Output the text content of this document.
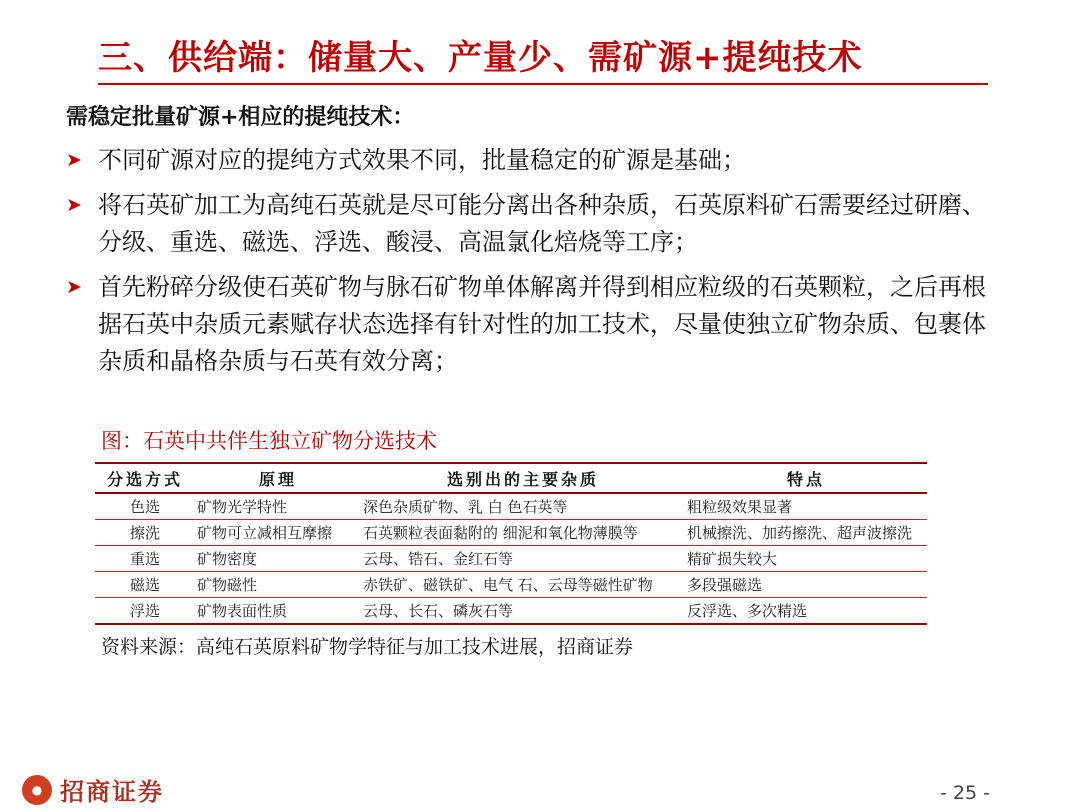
三、供给端：储量大、产量少、需矿源+提纯技术
需稳定批量矿源+相应的提纯技术：
➤ 不同矿源对应的提纯方式效果不同，批量稳定的矿源是基础；
➤ 将石英矿加工为高纯石英就是尽可能分离出各种杂质，石英原料矿石需要经过研磨、分级、重选、磁选、浮选、酸浸、高温氯化焙烧等工序；
➤ 首先粉碎分级使石英矿物与脉石矿物单体解离并得到相应粒级的石英颗粒，之后再根据石英中杂质元素赋存状态选择有针对性的加工技术，尽量使独立矿物杂质、包裹体杂质和晶格杂质与石英有效分离；
图：石英中共伴生独立矿物分选技术
分选方式	原理	选别出的主要杂质	特点
色选	矿物光学特性	深色杂质矿物、乳 白 色石英等	粗粒级效果显著
擦洗	矿物可立减相互摩擦	石英颗粒表面黏附的 细泥和氧化物薄膜等	机械擦洗、加药擦洗、超声波擦洗
重选	矿物密度	云母、锆石、金红石等	精矿损失较大
磁选	矿物磁性	赤铁矿、磁铁矿、电气 石、云母等磁性矿物	多段强磁选
浮选	矿物表面性质	云母、长石、磷灰石等	反浮选、多次精选
资料来源：高纯石英原料矿物学特征与加工技术进展，招商证券
● 招商证券	- 25 -
